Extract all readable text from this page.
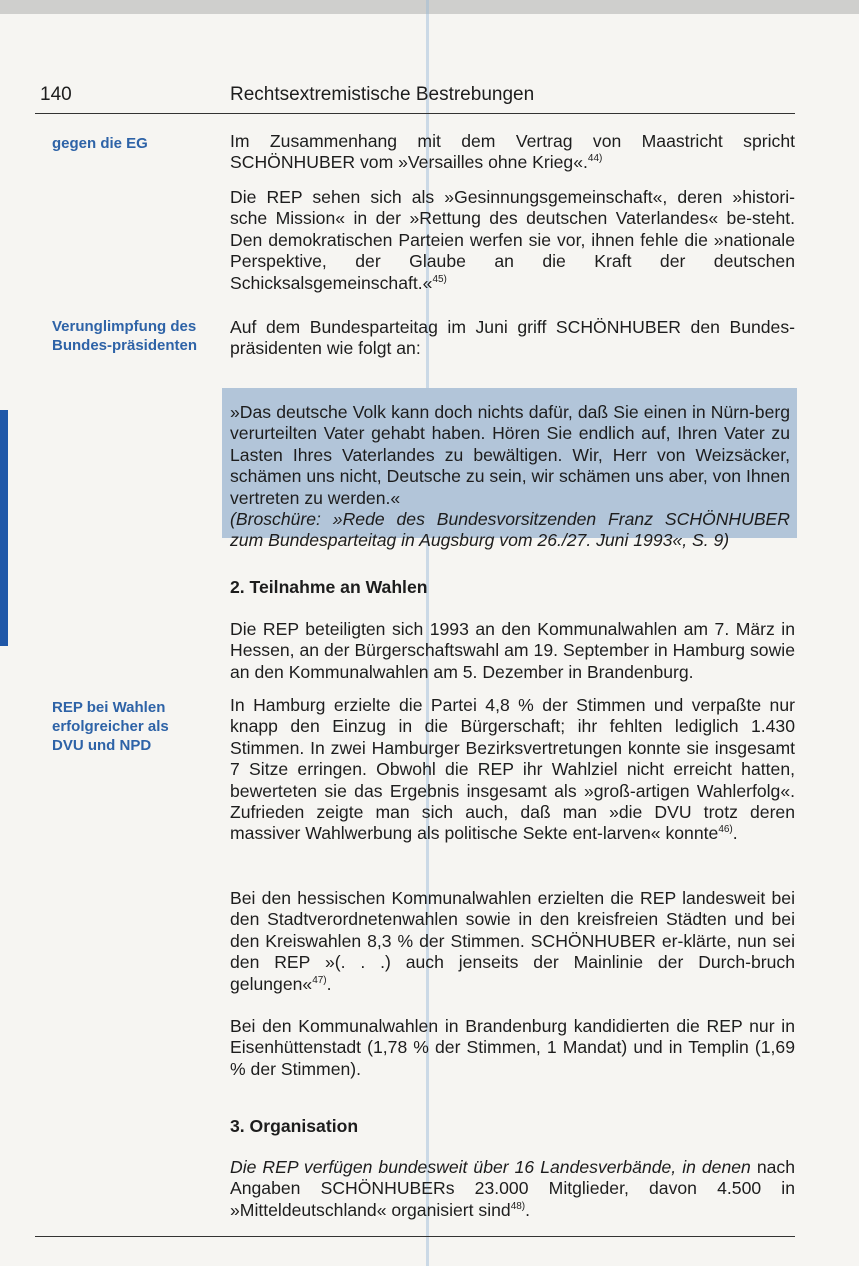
140	Rechtsextremistische Bestrebungen
gegen die EG
Verunglimpfung des Bundes-präsidenten
REP bei Wahlen erfolgreicher als DVU und NPD

Im Zusammenhang mit dem Vertrag von Maastricht spricht SCHÖNHUBER vom »Versailles ohne Krieg«.$^{44)}$

Die REP sehen sich als »Gesinnungsgemeinschaft«, deren »histori-sche Mission« in der »Rettung des deutschen Vaterlandes« be-steht. Den demokratischen Parteien werfen sie vor, ihnen fehle die »nationale Perspektive, der Glaube an die Kraft der deutschen Schicksalsgemeinschaft.«$^{45)}$

Auf dem Bundesparteitag im Juni griff SCHÖNHUBER den Bundes-präsidenten wie folgt an:

»Das deutsche Volk kann doch nichts dafür, daß Sie einen in Nürn-berg verurteilten Vater gehabt haben. Hören Sie endlich auf, Ihren Vater zu Lasten Ihres Vaterlandes zu bewältigen. Wir, Herr von Weizsäcker, schämen uns nicht, Deutsche zu sein, wir schämen uns aber, von Ihnen vertreten zu werden.«
(Broschüre: »Rede des Bundesvorsitzenden Franz SCHÖNHUBER zum Bundesparteitag in Augsburg vom 26./27. Juni 1993«, S. 9)

2. Teilnahme an Wahlen

Die REP beteiligten sich 1993 an den Kommunalwahlen am 7. März in Hessen, an der Bürgerschaftswahl am 19. September in Hamburg sowie an den Kommunalwahlen am 5. Dezember in Brandenburg.

In Hamburg erzielte die Partei 4,8 % der Stimmen und verpaßte nur knapp den Einzug in die Bürgerschaft; ihr fehlten lediglich 1.430 Stimmen. In zwei Hamburger Bezirksvertretungen konnte sie insgesamt 7 Sitze erringen. Obwohl die REP ihr Wahlziel nicht erreicht hatten, bewerteten sie das Ergebnis insgesamt als »groß-artigen Wahlerfolg«. Zufrieden zeigte man sich auch, daß man »die DVU trotz deren massiver Wahlwerbung als politische Sekte ent-larven« konnte$^{46)}$.

Bei den hessischen Kommunalwahlen erzielten die REP landesweit bei den Stadtverordnetenwahlen sowie in den kreisfreien Städten und bei den Kreiswahlen 8,3 % der Stimmen. SCHÖNHUBER er-klärte, nun sei den REP »(. . .) auch jenseits der Mainlinie der Durch-bruch gelungen«$^{47)}$.

Bei den Kommunalwahlen in Brandenburg kandidierten die REP nur in Eisenhüttenstadt (1,78 % der Stimmen, 1 Mandat) und in Templin (1,69 % der Stimmen).

3. Organisation

Die REP verfügen bundesweit über 16 Landesverbände, in denen nach Angaben SCHÖNHUBERs 23.000 Mitglieder, davon 4.500 in »Mitteldeutschland« organisiert sind$^{48)}$.
